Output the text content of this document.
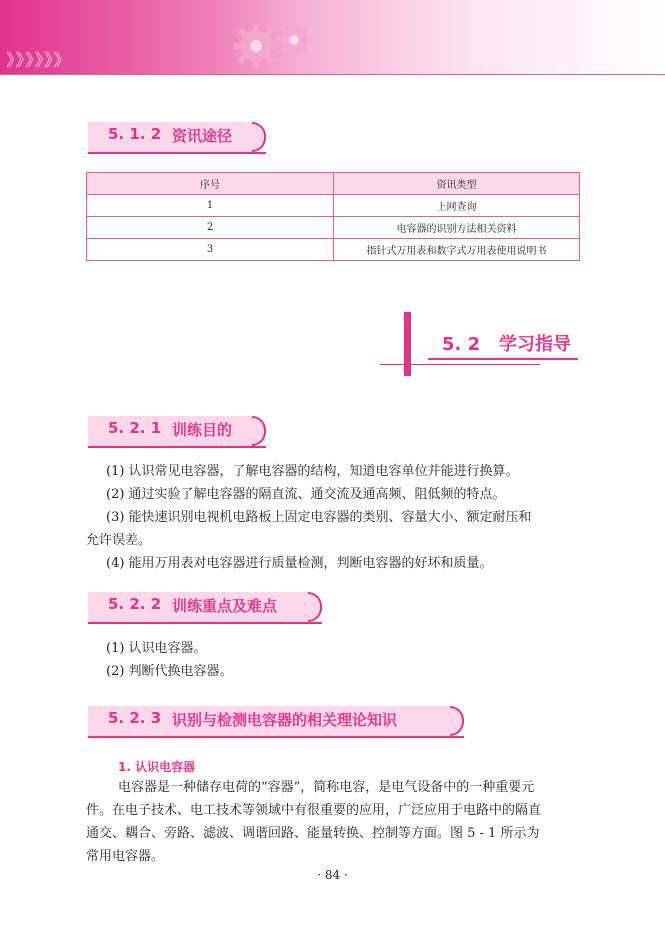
》》》》》》
5. 1. 2 资讯途径
序号	资讯类型
1	上网查询
2	电容器的识别方法相关资料
3	指针式万用表和数字式万用表使用说明书
5. 2 学习指导
5. 2. 1 训练目的
(1) 认识常见电容器，了解电容器的结构，知道电容单位并能进行换算。
(2) 通过实验了解电容器的隔直流、通交流及通高频、阻低频的特点。
(3) 能快速识别电视机电路板上固定电容器的类别、容量大小、额定耐压和
允许误差。
(4) 能用万用表对电容器进行质量检测，判断电容器的好坏和质量。
5. 2. 2 训练重点及难点
(1) 认识电容器。
(2) 判断代换电容器。
5. 2. 3 识别与检测电容器的相关理论知识
1. 认识电容器
电容器是一种储存电荷的“容器”，简称电容，是电气设备中的一种重要元
件。在电子技术、电工技术等领域中有很重要的应用，广泛应用于电路中的隔直
通交、耦合、旁路、滤波、调谐回路、能量转换、控制等方面。图 5 - 1 所示为
常用电容器。
· 84 ·
